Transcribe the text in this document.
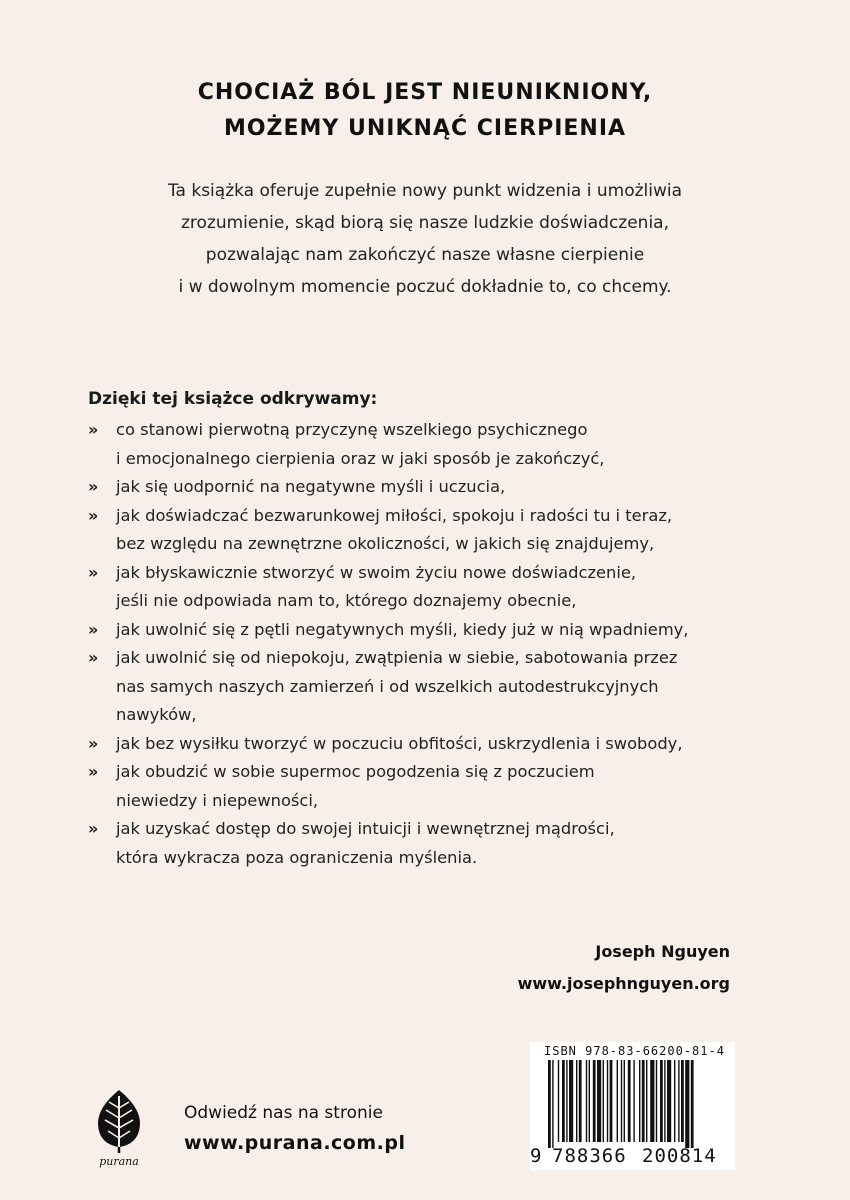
CHOCIAŻ BÓL JEST NIEUNIKNIONY,
MOŻEMY UNIKNĄĆ CIERPIENIA
Ta książka oferuje zupełnie nowy punkt widzenia i umożliwia
zrozumienie, skąd biorą się nasze ludzkie doświadczenia,
pozwalając nam zakończyć nasze własne cierpienie
i w dowolnym momencie poczuć dokładnie to, co chcemy.
Dzięki tej książce odkrywamy:
» co stanowi pierwotną przyczynę wszelkiego psychicznego
i emocjonalnego cierpienia oraz w jaki sposób je zakończyć,
» jak się uodpornić na negatywne myśli i uczucia,
» jak doświadczać bezwarunkowej miłości, spokoju i radości tu i teraz,
bez względu na zewnętrzne okoliczności, w jakich się znajdujemy,
» jak błyskawicznie stworzyć w swoim życiu nowe doświadczenie,
jeśli nie odpowiada nam to, którego doznajemy obecnie,
» jak uwolnić się z pętli negatywnych myśli, kiedy już w nią wpadniemy,
» jak uwolnić się od niepokoju, zwątpienia w siebie, sabotowania przez
nas samych naszych zamierzeń i od wszelkich autodestrukcyjnych
nawyków,
» jak bez wysiłku tworzyć w poczuciu obfitości, uskrzydlenia i swobody,
» jak obudzić w sobie supermoc pogodzenia się z poczuciem
niewiedzy i niepewności,
» jak uzyskać dostęp do swojej intuicji i wewnętrznej mądrości,
która wykracza poza ograniczenia myślenia.
Joseph Nguyen
www.josephnguyen.org
purana
Odwiedź nas na stronie
www.purana.com.pl
ISBN 978-83-66200-81-4
9 788366 200814
